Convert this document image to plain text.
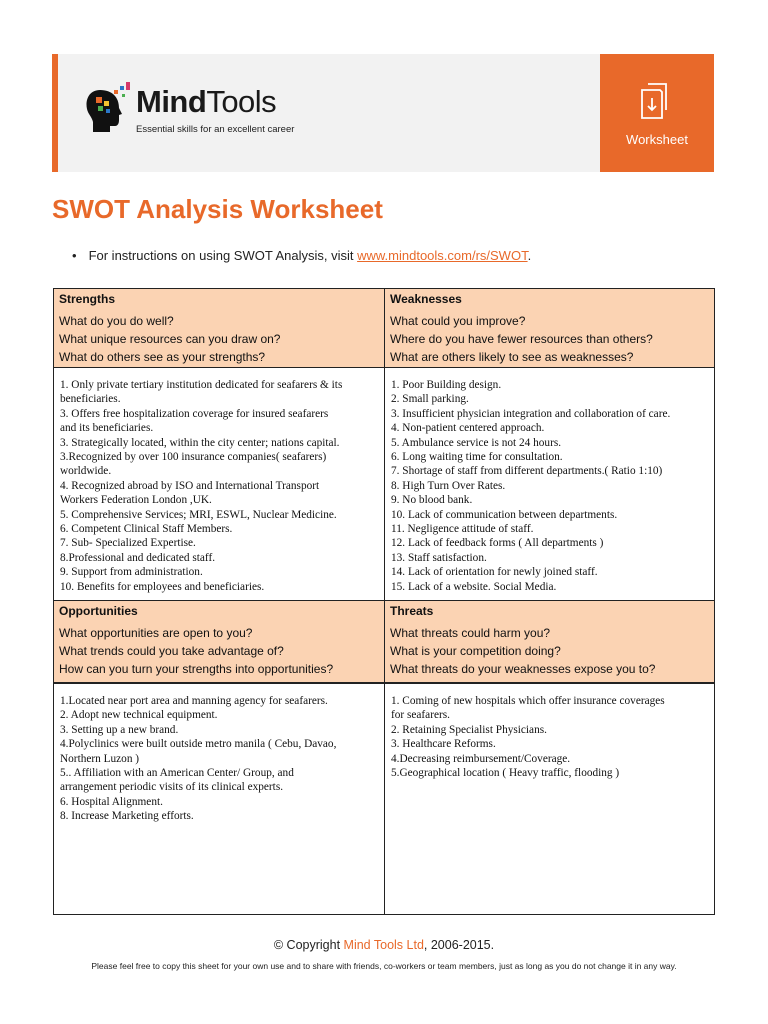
MindTools
Essential skills for an excellent career
Worksheet
SWOT Analysis Worksheet
• For instructions on using SWOT Analysis, visit www.mindtools.com/rs/SWOT.
Strengths
What do you do well?
What unique resources can you draw on?
What do others see as your strengths?
Weaknesses
What could you improve?
Where do you have fewer resources than others?
What are others likely to see as weaknesses?
1. Only private tertiary institution dedicated for seafarers & its
beneficiaries.
3. Offers free hospitalization coverage for insured seafarers
and its beneficiaries.
3. Strategically located, within the city center; nations capital.
3.Recognized by over 100 insurance companies( seafarers)
worldwide.
4. Recognized abroad by ISO and International Transport
Workers Federation London ,UK.
5. Comprehensive Services; MRI, ESWL, Nuclear Medicine.
6. Competent Clinical Staff Members.
7. Sub- Specialized Expertise.
8.Professional and dedicated staff.
9. Support from administration.
10. Benefits for employees and beneficiaries.
1. Poor Building design.
2. Small parking.
3. Insufficient physician integration and collaboration of care.
4. Non-patient centered approach.
5. Ambulance service is not 24 hours.
6. Long waiting time for consultation.
7. Shortage of staff from different departments.( Ratio 1:10)
8. High Turn Over Rates.
9. No blood bank.
10. Lack of communication between departments.
11. Negligence attitude of staff.
12. Lack of feedback forms ( All departments )
13. Staff satisfaction.
14. Lack of orientation for newly joined staff.
15. Lack of a website. Social Media.
Opportunities
What opportunities are open to you?
What trends could you take advantage of?
How can you turn your strengths into opportunities?
Threats
What threats could harm you?
What is your competition doing?
What threats do your weaknesses expose you to?
1.Located near port area and manning agency for seafarers.
2. Adopt new technical equipment.
3. Setting up a new brand.
4.Polyclinics were built outside metro manila ( Cebu, Davao,
Northern Luzon )
5.. Affiliation with an American Center/ Group, and
arrangement periodic visits of its clinical experts.
6. Hospital Alignment.
8. Increase Marketing efforts.
1. Coming of new hospitals which offer insurance coverages
for seafarers.
2. Retaining Specialist Physicians.
3. Healthcare Reforms.
4.Decreasing reimbursement/Coverage.
5.Geographical location ( Heavy traffic, flooding )
© Copyright Mind Tools Ltd, 2006-2015.
Please feel free to copy this sheet for your own use and to share with friends, co-workers or team members, just as long as you do not change it in any way.
